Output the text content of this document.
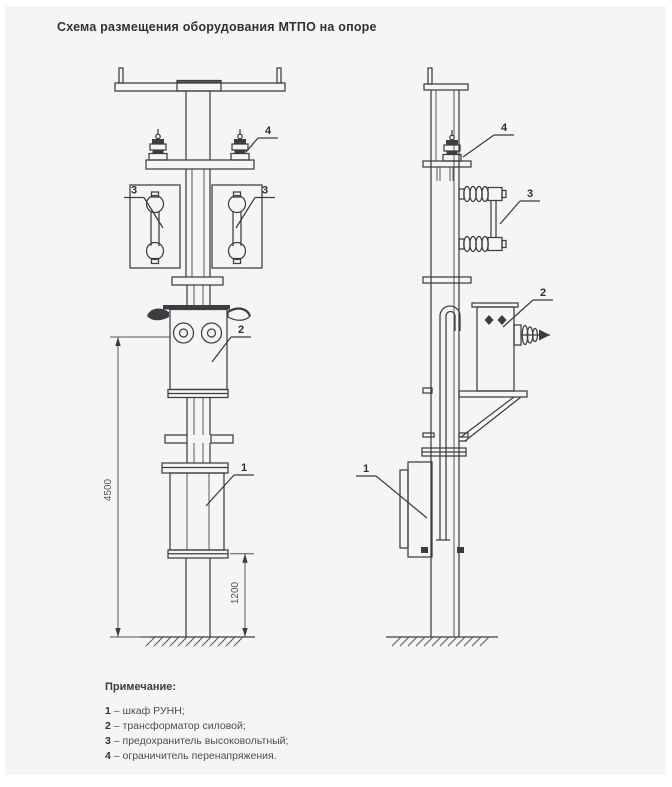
Схема размещения оборудования МТПО на опоре
4500
1200
4
3	3
2
1
4
3
2
1
Примечание:
1 – шкаф РУНН;
2 – трансформатор силовой;
3 – предохранитель высоковольтный;
4 – ограничитель перенапряжения.
